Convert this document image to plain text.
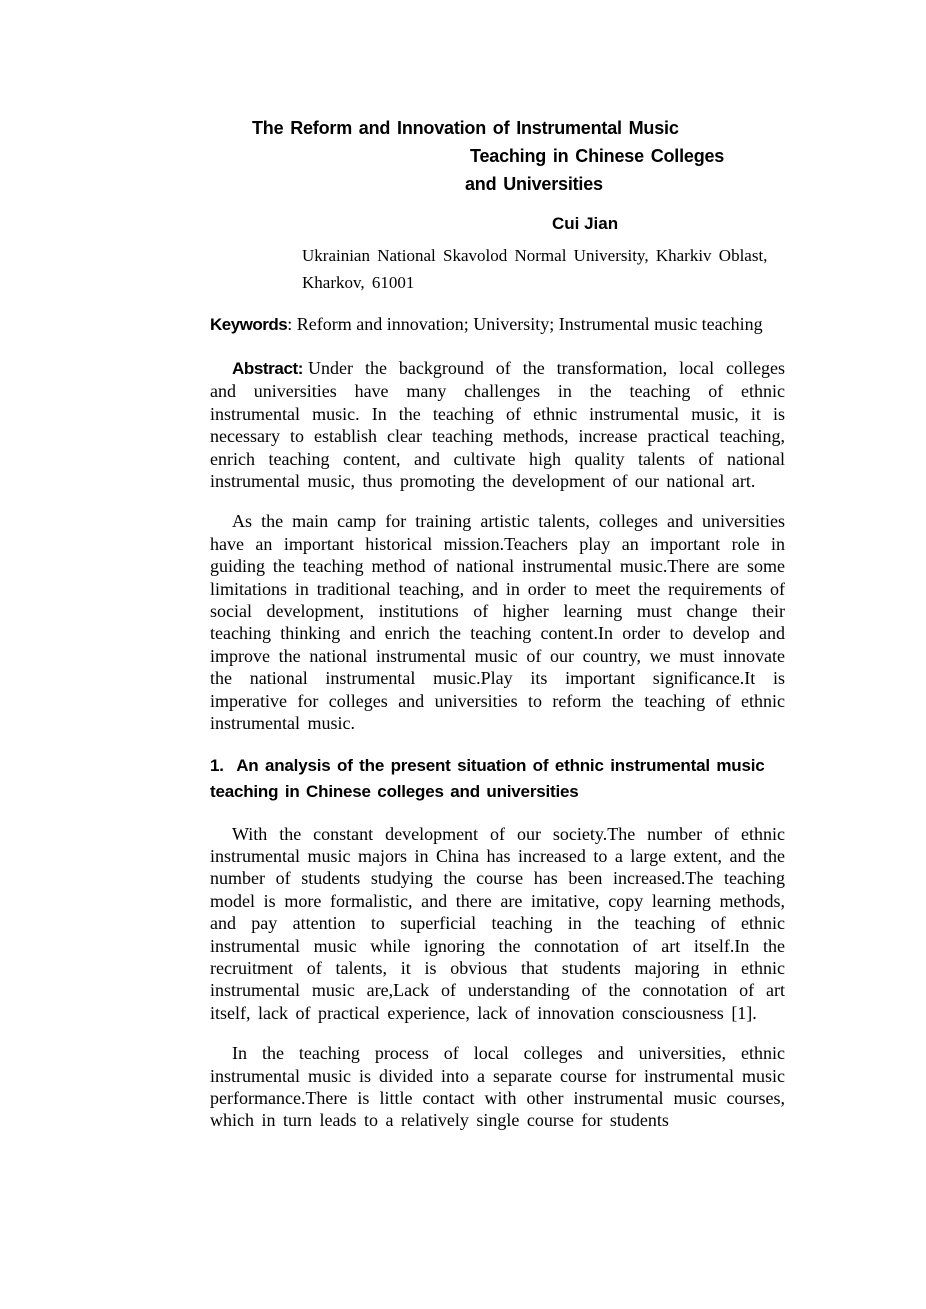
The Reform and Innovation of Instrumental Music
Teaching in Chinese Colleges
and Universities
Cui Jian
Ukrainian National Skavolod Normal University, Kharkiv Oblast,
Kharkov, 61001

Keywords: Reform and innovation; University; Instrumental music teaching

Abstract: Under the background of the transformation, local colleges and universities have many challenges in the teaching of ethnic instrumental music. In the teaching of ethnic instrumental music, it is necessary to establish clear teaching methods, increase practical teaching, enrich teaching content, and cultivate high quality talents of national instrumental music, thus promoting the development of our national art.

As the main camp for training artistic talents, colleges and universities have an important historical mission.Teachers play an important role in guiding the teaching method of national instrumental music.There are some limitations in traditional teaching, and in order to meet the requirements of social development, institutions of higher learning must change their teaching thinking and enrich the teaching content.In order to develop and improve the national instrumental music of our country, we must innovate the national instrumental music.Play its important significance.It is imperative for colleges and universities to reform the teaching of ethnic instrumental music.

1.  An analysis of the present situation of ethnic instrumental music teaching in Chinese colleges and universities

With the constant development of our society.The number of ethnic instrumental music majors in China has increased to a large extent, and the number of students studying the course has been increased.The teaching model is more formalistic, and there are imitative, copy learning methods, and pay attention to superficial teaching in the teaching of ethnic instrumental music while ignoring the connotation of art itself.In the recruitment of talents, it is obvious that students majoring in ethnic instrumental music are,Lack of understanding of the connotation of art itself, lack of practical experience, lack of innovation consciousness [1].

In the teaching process of local colleges and universities, ethnic instrumental music is divided into a separate course for instrumental music performance.There is little contact with other instrumental music courses, which in turn leads to a relatively single course for students
